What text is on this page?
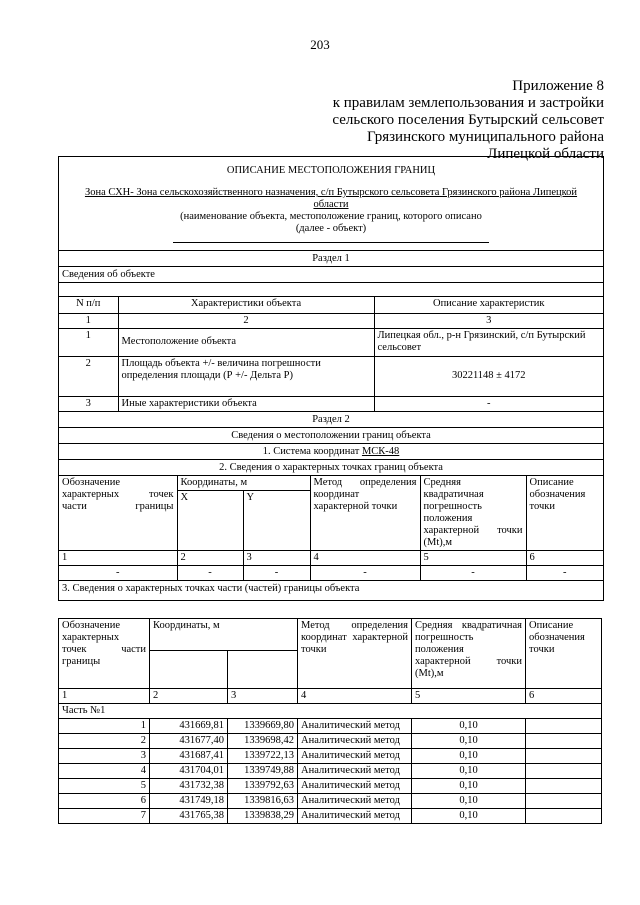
203
Приложение 8
к правилам землепользования и застройки
сельского поселения Бутырский сельсовет
Грязинского муниципального района
Липецкой области
ОПИСАНИЕ МЕСТОПОЛОЖЕНИЯ ГРАНИЦ
Зона СХН- Зона сельскохозяйственного назначения, с/п Бутырского сельсовета Грязинского района Липецкой области
(наименование объекта, местоположение границ, которого описано
(далее - объект)
Раздел 1
Сведения об объекте
N п/п	Характеристики объекта	Описание характеристик
1	2	3
1	Местоположение объекта	Липецкая обл., р-н Грязинский, с/п Бутырский сельсовет
2	Площадь объекта +/- величина погрешности определения площади (Р +/- Дельта Р)	30221148 ± 4172
3	Иные характеристики объекта	-
Раздел 2
Сведения о местоположении границ объекта
1. Система координат МСК-48
2. Сведения о характерных точках границ объекта
Обозначение характерных точек части границы	Координаты, м		Метод определения координат характерной точки	Средняя квадратичная погрешность положения характерной точки (Mt),м	Описание обозначения точки
	X	Y			
1	2	3	4	5	6
-	-	-	-	-	-
3. Сведения о характерных точках части (частей) границы объекта
Обозначение характерных точек части границы	Координаты, м		Метод определения координат характерной точки	Средняя квадратичная погрешность положения характерной точки (Mt),м	Описание обозначения точки

1	2	3	4	5	6
Часть №1					
1	431669,81	1339669,80	Аналитический метод	0,10	
2	431677,40	1339698,42	Аналитический метод	0,10	
3	431687,41	1339722,13	Аналитический метод	0,10	
4	431704,01	1339749,88	Аналитический метод	0,10	
5	431732,38	1339792,63	Аналитический метод	0,10	
6	431749,18	1339816,63	Аналитический метод	0,10	
7	431765,38	1339838,29	Аналитический метод	0,10	
